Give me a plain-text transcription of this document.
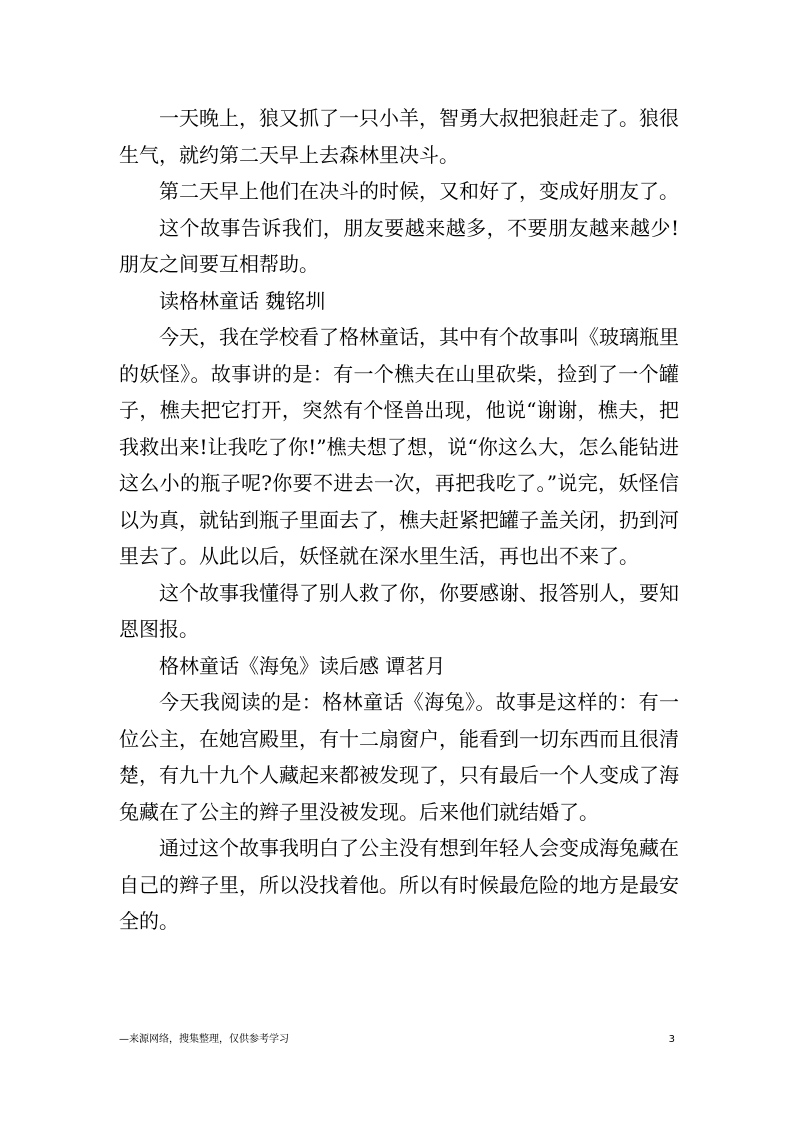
一天晚上，狼又抓了一只小羊，智勇大叔把狼赶走了。狼很生气，就约第二天早上去森林里决斗。

第二天早上他们在决斗的时候，又和好了，变成好朋友了。

这个故事告诉我们，朋友要越来越多，不要朋友越来越少!朋友之间要互相帮助。

读格林童话 魏铭圳

今天，我在学校看了格林童话，其中有个故事叫《玻璃瓶里的妖怪》。故事讲的是：有一个樵夫在山里砍柴，捡到了一个罐子，樵夫把它打开，突然有个怪兽出现，他说“谢谢，樵夫，把我救出来!让我吃了你!”樵夫想了想，说“你这么大，怎么能钻进这么小的瓶子呢?你要不进去一次，再把我吃了。”说完，妖怪信以为真，就钻到瓶子里面去了，樵夫赶紧把罐子盖关闭，扔到河里去了。从此以后，妖怪就在深水里生活，再也出不来了。

这个故事我懂得了别人救了你，你要感谢、报答别人，要知恩图报。

格林童话《海兔》读后感 谭茗月

今天我阅读的是：格林童话《海兔》。故事是这样的：有一位公主，在她宫殿里，有十二扇窗户，能看到一切东西而且很清楚，有九十九个人藏起来都被发现了，只有最后一个人变成了海兔藏在了公主的辫子里没被发现。后来他们就结婚了。

通过这个故事我明白了公主没有想到年轻人会变成海兔藏在自己的辫子里，所以没找着他。所以有时候最危险的地方是最安全的。

—来源网络，搜集整理，仅供参考学习	3
